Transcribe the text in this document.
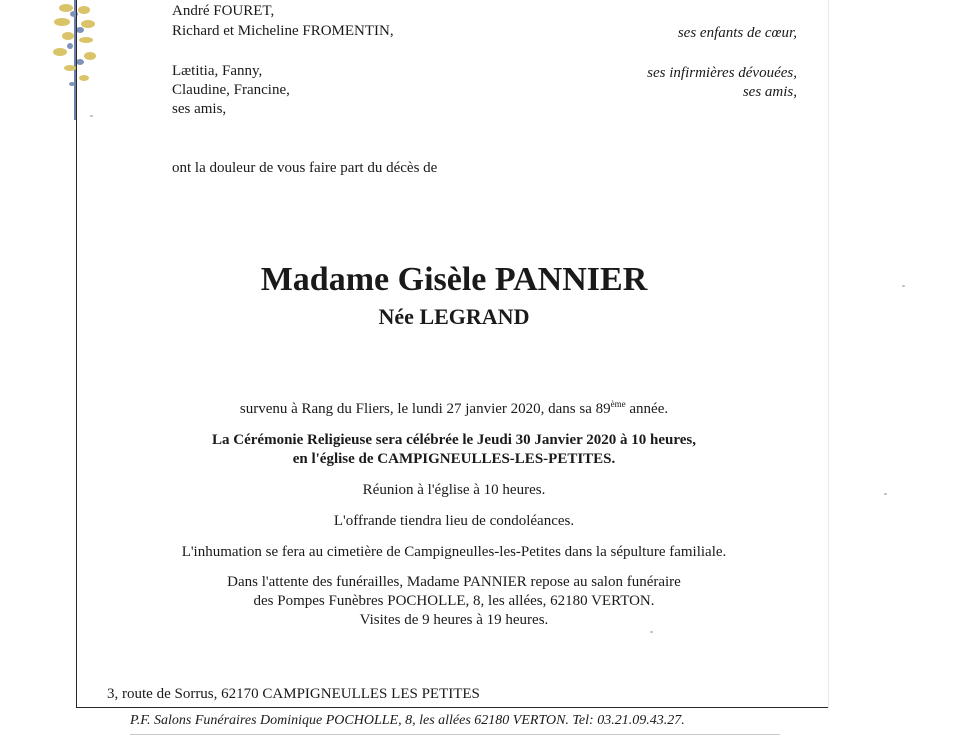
André FOURET,
Richard et Micheline FROMENTIN,
Lætitia, Fanny,
Claudine, Francine,
ses amis,
ses enfants de cœur,
ses infirmières dévouées,
ses amis,
ont la douleur de vous faire part du décès de
Madame Gisèle PANNIER
Née LEGRAND
survenu à Rang du Fliers, le lundi 27 janvier 2020, dans sa 89ème année.
La Cérémonie Religieuse sera célébrée le Jeudi 30 Janvier 2020 à 10 heures,
en l'église de CAMPIGNEULLES-LES-PETITES.
Réunion à l'église à 10 heures.
L'offrande tiendra lieu de condoléances.
L'inhumation se fera au cimetière de Campigneulles-les-Petites dans la sépulture familiale.
Dans l'attente des funérailles, Madame PANNIER repose au salon funéraire
des Pompes Funèbres POCHOLLE, 8, les allées, 62180 VERTON.
Visites de 9 heures à 19 heures.
3, route de Sorrus, 62170 CAMPIGNEULLES LES PETITES
P.F. Salons Funéraires Dominique POCHOLLE, 8, les allées 62180 VERTON. Tel: 03.21.09.43.27.
